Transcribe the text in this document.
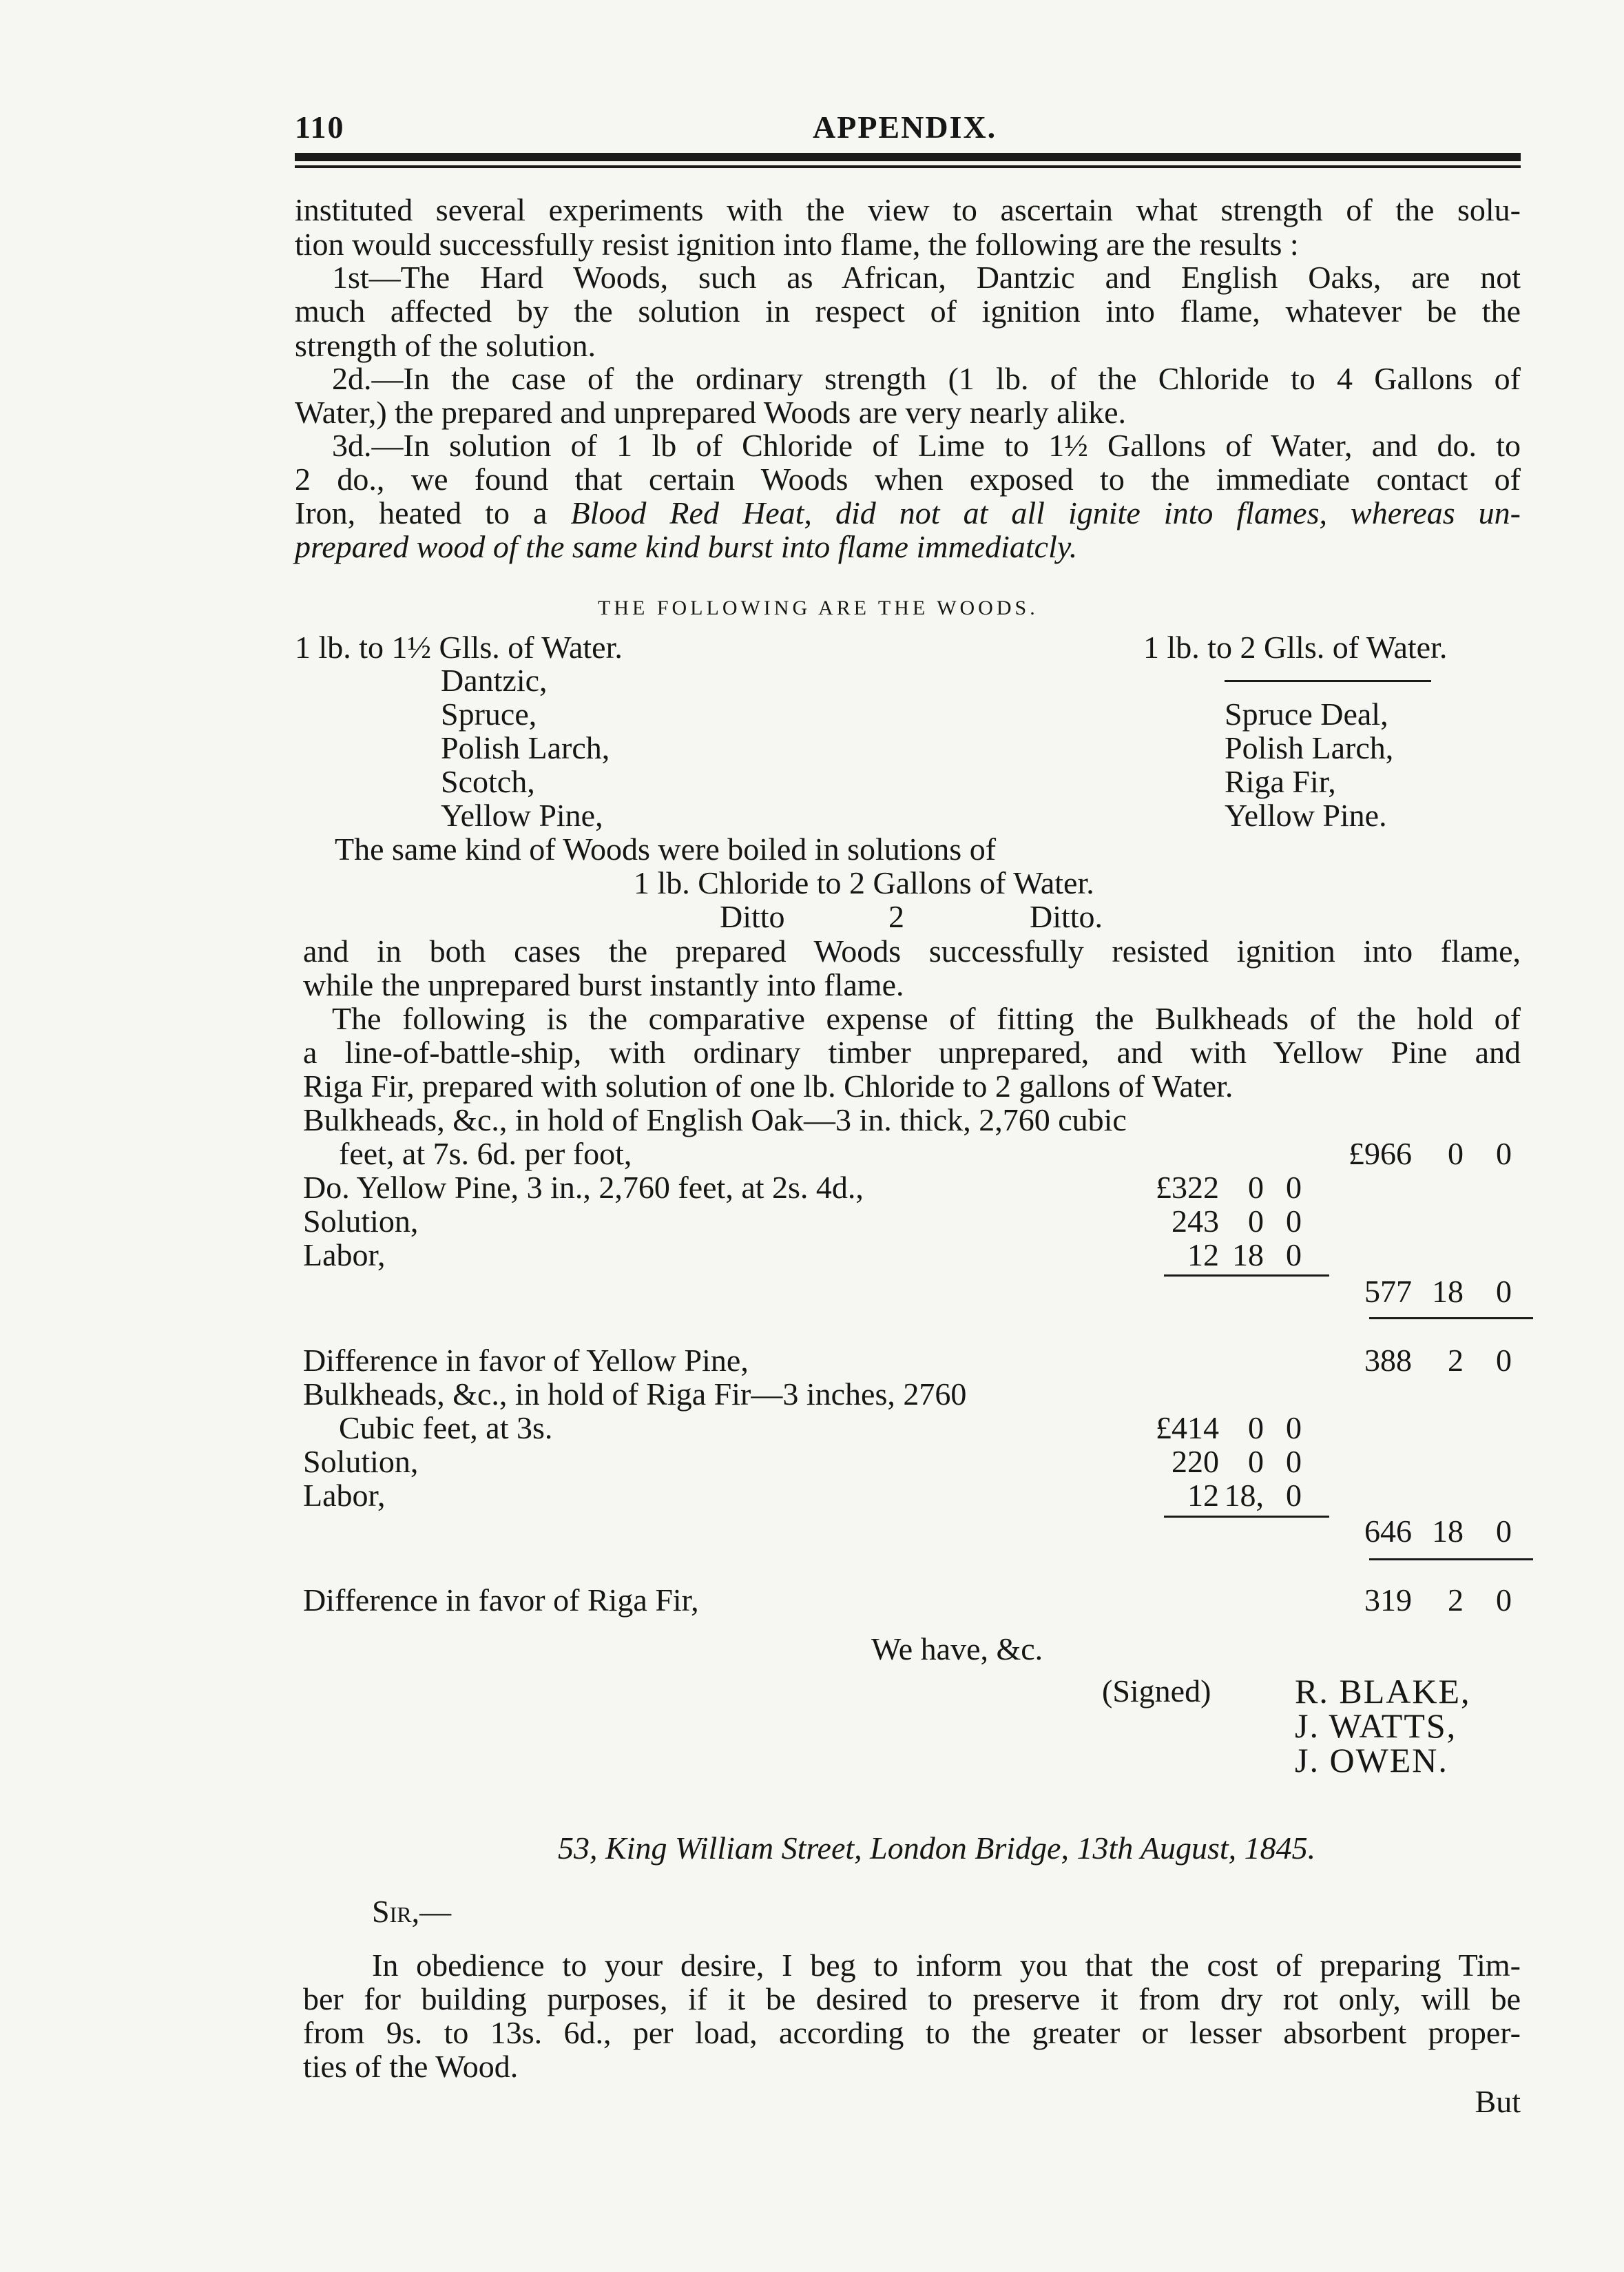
110	APPENDIX.
instituted several experiments with the view to ascertain what strength of the solu-
tion would successfully resist ignition into flame, the following are the results :
1st—The Hard Woods, such as African, Dantzic and English Oaks, are not
much affected by the solution in respect of ignition into flame, whatever be the
strength of the solution.
2d.—In the case of the ordinary strength (1 lb. of the Chloride to 4 Gallons of
Water,) the prepared and unprepared Woods are very nearly alike.
3d.—In solution of 1 lb of Chloride of Lime to 1½ Gallons of Water, and do. to
2 do., we found that certain Woods when exposed to the immediate contact of
Iron, heated to a Blood Red Heat, did not at all ignite into flames, whereas un-
prepared wood of the same kind burst into flame immediatcly.
THE FOLLOWING ARE THE WOODS.
1 lb. to 1½ Glls. of Water.	1 lb. to 2 Glls. of Water.
Dantzic,
Spruce,
Polish Larch,
Scotch,
Yellow Pine,
Spruce Deal,
Polish Larch,
Riga Fir,
Yellow Pine.
The same kind of Woods were boiled in solutions of
1 lb. Chloride to 2 Gallons of Water.
Ditto	2	Ditto.
and in both cases the prepared Woods successfully resisted ignition into flame,
while the unprepared burst instantly into flame.
The following is the comparative expense of fitting the Bulkheads of the hold of
a line-of-battle-ship, with ordinary timber unprepared, and with Yellow Pine and
Riga Fir, prepared with solution of one lb. Chloride to 2 gallons of Water.
Bulkheads, &c., in hold of English Oak—3 in. thick, 2,760 cubic
feet, at 7s. 6d. per foot,	£966	0	0
Do. Yellow Pine, 3 in., 2,760 feet, at 2s. 4d.,	£322 0 0
Solution,	243 0 0
Labor,	12 18 0
577 18	0
Difference in favor of Yellow Pine,	388	2	0
Bulkheads, &c., in hold of Riga Fir—3 inches, 2760
Cubic feet, at 3s.	£414 0 0
Solution,	220 0 0
Labor,	12 18, 0
646 18	0
Difference in favor of Riga Fir,	319	2	0
We have, &c.
(Signed) R. BLAKE,
J. WATTS,
J. OWEN.
53, King William Street, London Bridge, 13th August, 1845.
Sir,—
In obedience to your desire, I beg to inform you that the cost of preparing Tim-
ber for building purposes, if it be desired to preserve it from dry rot only, will be
from 9s. to 13s. 6d., per load, according to the greater or lesser absorbent proper-
ties of the Wood.
But
